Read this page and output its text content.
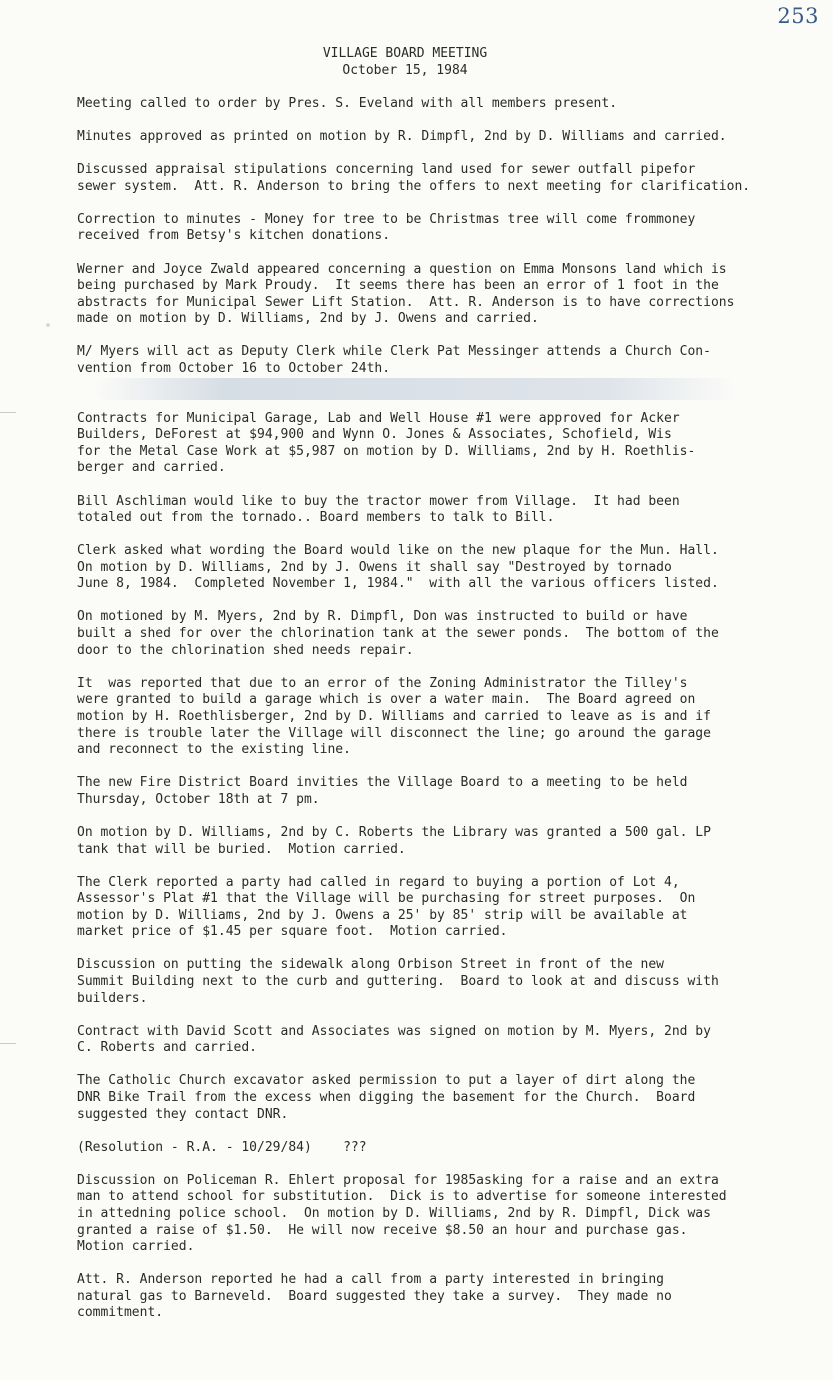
253
VILLAGE BOARD MEETING
October 15, 1984

Meeting called to order by Pres. S. Eveland with all members present.

Minutes approved as printed on motion by R. Dimpfl, 2nd by D. Williams and carried.

Discussed appraisal stipulations concerning land used for sewer outfall pipefor
sewer system.  Att. R. Anderson to bring the offers to next meeting for clarification.

Correction to minutes - Money for tree to be Christmas tree will come frommoney
received from Betsy's kitchen donations.

Werner and Joyce Zwald appeared concerning a question on Emma Monsons land which is
being purchased by Mark Proudy.  It seems there has been an error of 1 foot in the
abstracts for Municipal Sewer Lift Station.  Att. R. Anderson is to have corrections
made on motion by D. Williams, 2nd by J. Owens and carried.

M/ Myers will act as Deputy Clerk while Clerk Pat Messinger attends a Church Con-
vention from October 16 to October 24th.

Contracts for Municipal Garage, Lab and Well House #1 were approved for Acker
Builders, DeForest at $94,900 and Wynn O. Jones & Associates, Schofield, Wis
for the Metal Case Work at $5,987 on motion by D. Williams, 2nd by H. Roethlis-
berger and carried.

Bill Aschliman would like to buy the tractor mower from Village.  It had been
totaled out from the tornado.. Board members to talk to Bill.

Clerk asked what wording the Board would like on the new plaque for the Mun. Hall.
On motion by D. Williams, 2nd by J. Owens it shall say "Destroyed by tornado
June 8, 1984.  Completed November 1, 1984."  with all the various officers listed.

On motioned by M. Myers, 2nd by R. Dimpfl, Don was instructed to build or have
built a shed for over the chlorination tank at the sewer ponds.  The bottom of the
door to the chlorination shed needs repair.

It  was reported that due to an error of the Zoning Administrator the Tilley's
were granted to build a garage which is over a water main.  The Board agreed on
motion by H. Roethlisberger, 2nd by D. Williams and carried to leave as is and if
there is trouble later the Village will disconnect the line; go around the garage
and reconnect to the existing line.

The new Fire District Board invities the Village Board to a meeting to be held
Thursday, October 18th at 7 pm.

On motion by D. Williams, 2nd by C. Roberts the Library was granted a 500 gal. LP
tank that will be buried.  Motion carried.

The Clerk reported a party had called in regard to buying a portion of Lot 4,
Assessor's Plat #1 that the Village will be purchasing for street purposes.  On
motion by D. Williams, 2nd by J. Owens a 25' by 85' strip will be available at
market price of $1.45 per square foot.  Motion carried.

Discussion on putting the sidewalk along Orbison Street in front of the new
Summit Building next to the curb and guttering.  Board to look at and discuss with
builders.

Contract with David Scott and Associates was signed on motion by M. Myers, 2nd by
C. Roberts and carried.

The Catholic Church excavator asked permission to put a layer of dirt along the
DNR Bike Trail from the excess when digging the basement for the Church.  Board
suggested they contact DNR.

(Resolution - R.A. - 10/29/84)    ???

Discussion on Policeman R. Ehlert proposal for 1985asking for a raise and an extra
man to attend school for substitution.  Dick is to advertise for someone interested
in attedning police school.  On motion by D. Williams, 2nd by R. Dimpfl, Dick was
granted a raise of $1.50.  He will now receive $8.50 an hour and purchase gas.
Motion carried.

Att. R. Anderson reported he had a call from a party interested in bringing
natural gas to Barneveld.  Board suggested they take a survey.  They made no
commitment.
